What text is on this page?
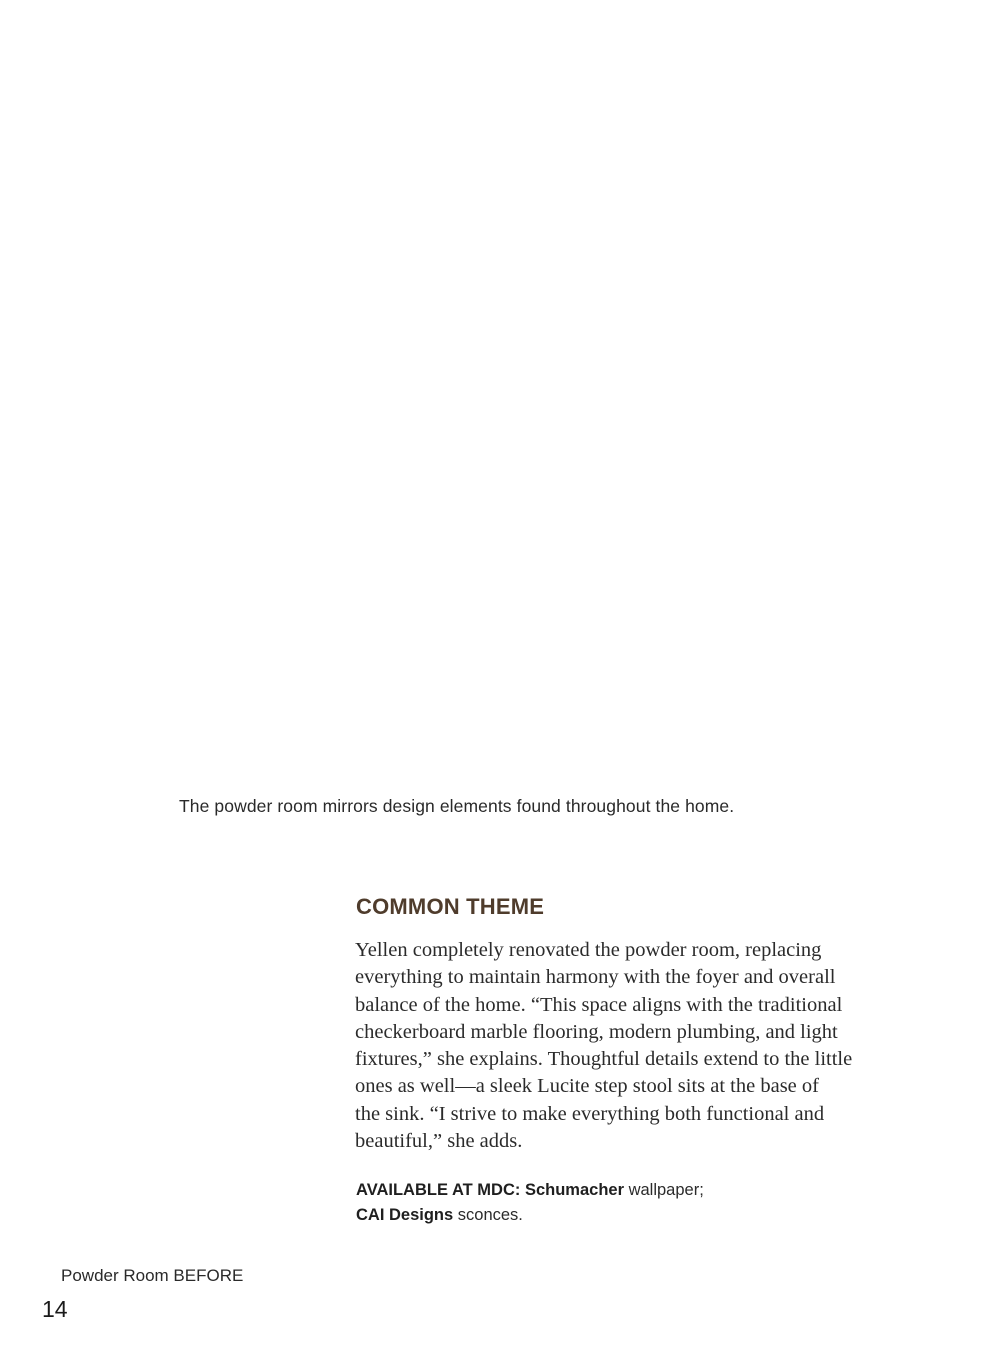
The powder room mirrors design elements found throughout the home.
COMMON THEME
Yellen completely renovated the powder room, replacing
everything to maintain harmony with the foyer and overall
balance of the home. “This space aligns with the traditional
checkerboard marble flooring, modern plumbing, and light
fixtures,” she explains. Thoughtful details extend to the little
ones as well—a sleek Lucite step stool sits at the base of
the sink. “I strive to make everything both functional and
beautiful,” she adds.
AVAILABLE AT MDC: Schumacher wallpaper;
CAI Designs sconces.
Powder Room BEFORE
14
